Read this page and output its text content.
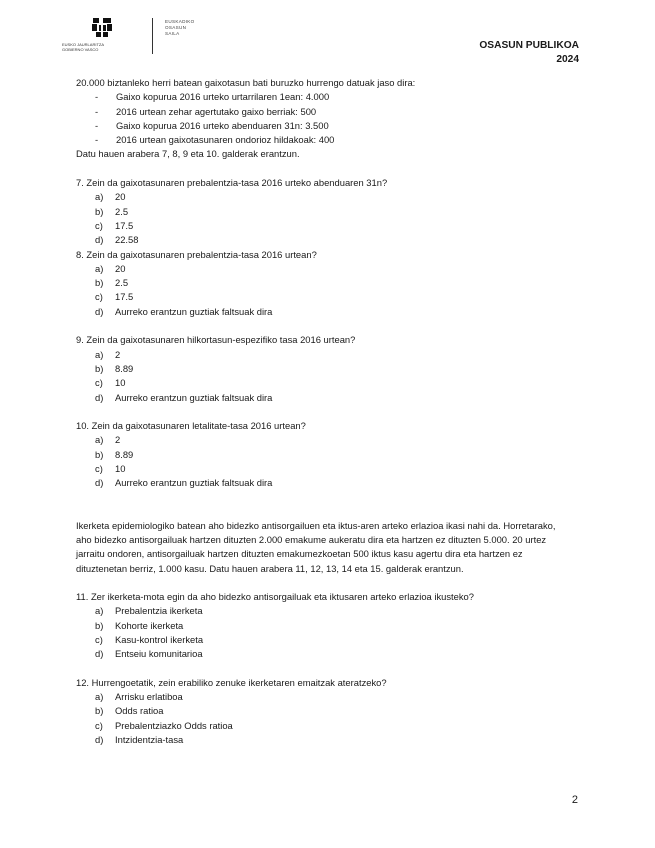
EUSKO JAURLARITZA
GOBIERNO VASCO
EUSKADIKO
OSASUN
SAILA
OSASUN PUBLIKOA
2024
20.000 biztanleko herri batean gaixotasun bati buruzko hurrengo datuak jaso dira:
- Gaixo kopurua 2016 urteko urtarrilaren 1ean: 4.000
- 2016 urtean zehar agertutako gaixo berriak: 500
- Gaixo kopurua 2016 urteko abenduaren 31n: 3.500
- 2016 urtean gaixotasunaren ondorioz hildakoak: 400
Datu hauen arabera 7, 8, 9 eta 10. galderak erantzun.
7. Zein da gaixotasunaren prebalentzia-tasa 2016 urteko abenduaren 31n?
a) 20
b) 2.5
c) 17.5
d) 22.58
8. Zein da gaixotasunaren prebalentzia-tasa 2016 urtean?
a) 20
b) 2.5
c) 17.5
d) Aurreko erantzun guztiak faltsuak dira
9. Zein da gaixotasunaren hilkortasun-espezifiko tasa 2016 urtean?
a) 2
b) 8.89
c) 10
d) Aurreko erantzun guztiak faltsuak dira
10. Zein da gaixotasunaren letalitate-tasa 2016 urtean?
a) 2
b) 8.89
c) 10
d) Aurreko erantzun guztiak faltsuak dira
Ikerketa epidemiologiko batean aho bidezko antisorgailuen eta iktus-aren arteko erlazioa ikasi nahi da. Horretarako, aho bidezko antisorgailuak hartzen dituzten 2.000 emakume aukeratu dira eta hartzen ez dituzten 5.000. 20 urtez jarraitu ondoren, antisorgailuak hartzen dituzten emakumezkoetan 500 iktus kasu agertu dira eta hartzen ez dituztenetan berriz, 1.000 kasu. Datu hauen arabera 11, 12, 13, 14 eta 15. galderak erantzun.
11. Zer ikerketa-mota egin da aho bidezko antisorgailuak eta iktusaren arteko erlazioa ikusteko?
a) Prebalentzia ikerketa
b) Kohorte ikerketa
c) Kasu-kontrol ikerketa
d) Entseiu komunitarioa
12. Hurrengoetatik, zein erabiliko zenuke ikerketaren emaitzak ateratzeko?
a) Arrisku erlatiboa
b) Odds ratioa
c) Prebalentziazko Odds ratioa
d) Intzidentzia-tasa
2
